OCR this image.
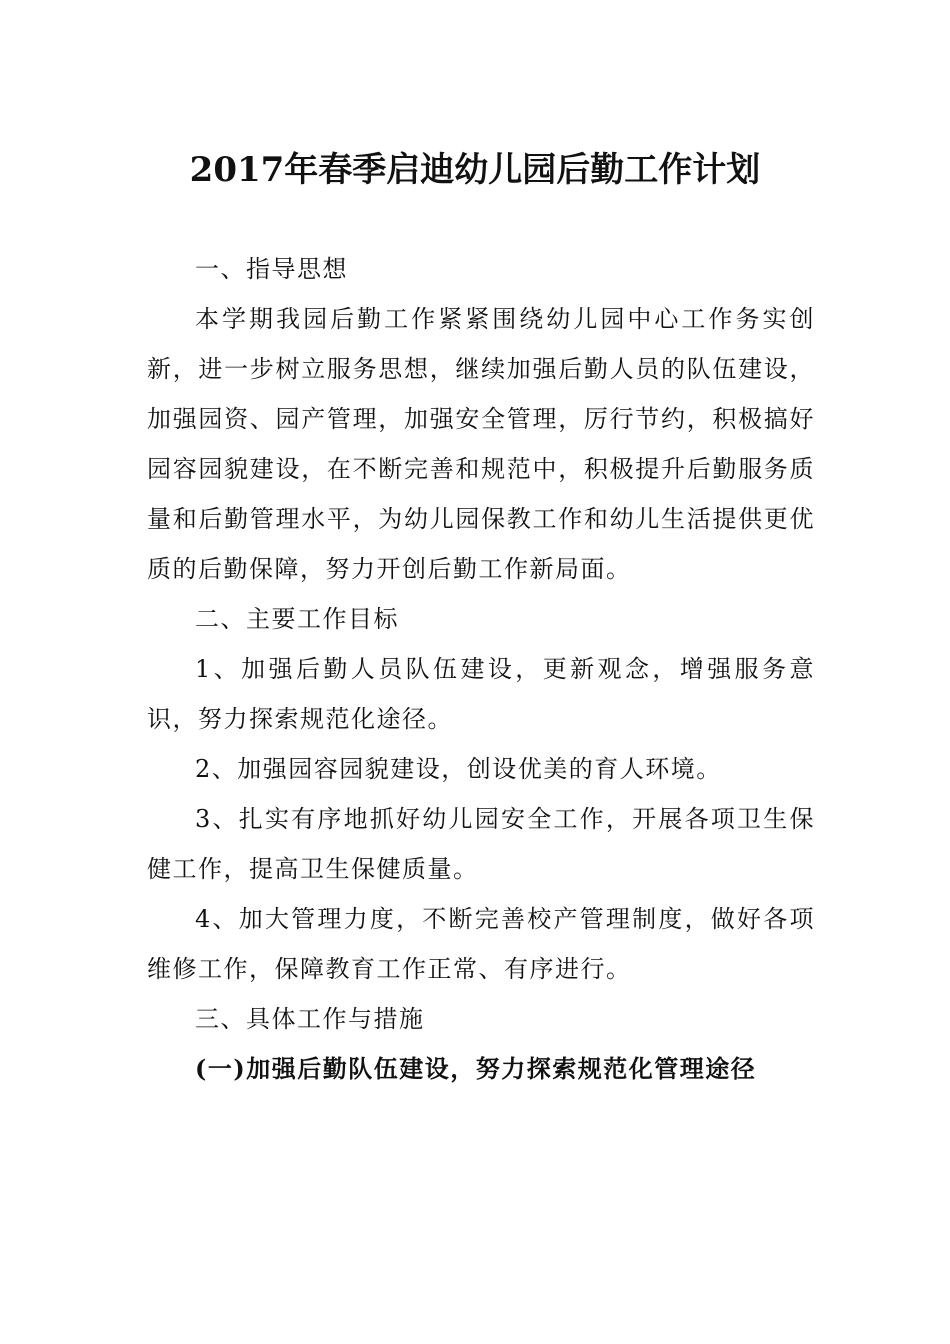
2017年春季启迪幼儿园后勤工作计划

一、指导思想

本学期我园后勤工作紧紧围绕幼儿园中心工作务实创新，进一步树立服务思想，继续加强后勤人员的队伍建设，加强园资、园产管理，加强安全管理，厉行节约，积极搞好园容园貌建设，在不断完善和规范中，积极提升后勤服务质量和后勤管理水平，为幼儿园保教工作和幼儿生活提供更优质的后勤保障，努力开创后勤工作新局面。

二、主要工作目标

1、加强后勤人员队伍建设，更新观念，增强服务意识，努力探索规范化途径。

2、加强园容园貌建设，创设优美的育人环境。

3、扎实有序地抓好幼儿园安全工作，开展各项卫生保健工作，提高卫生保健质量。

4、加大管理力度，不断完善校产管理制度，做好各项维修工作，保障教育工作正常、有序进行。

三、具体工作与措施

(一)加强后勤队伍建设，努力探索规范化管理途径
